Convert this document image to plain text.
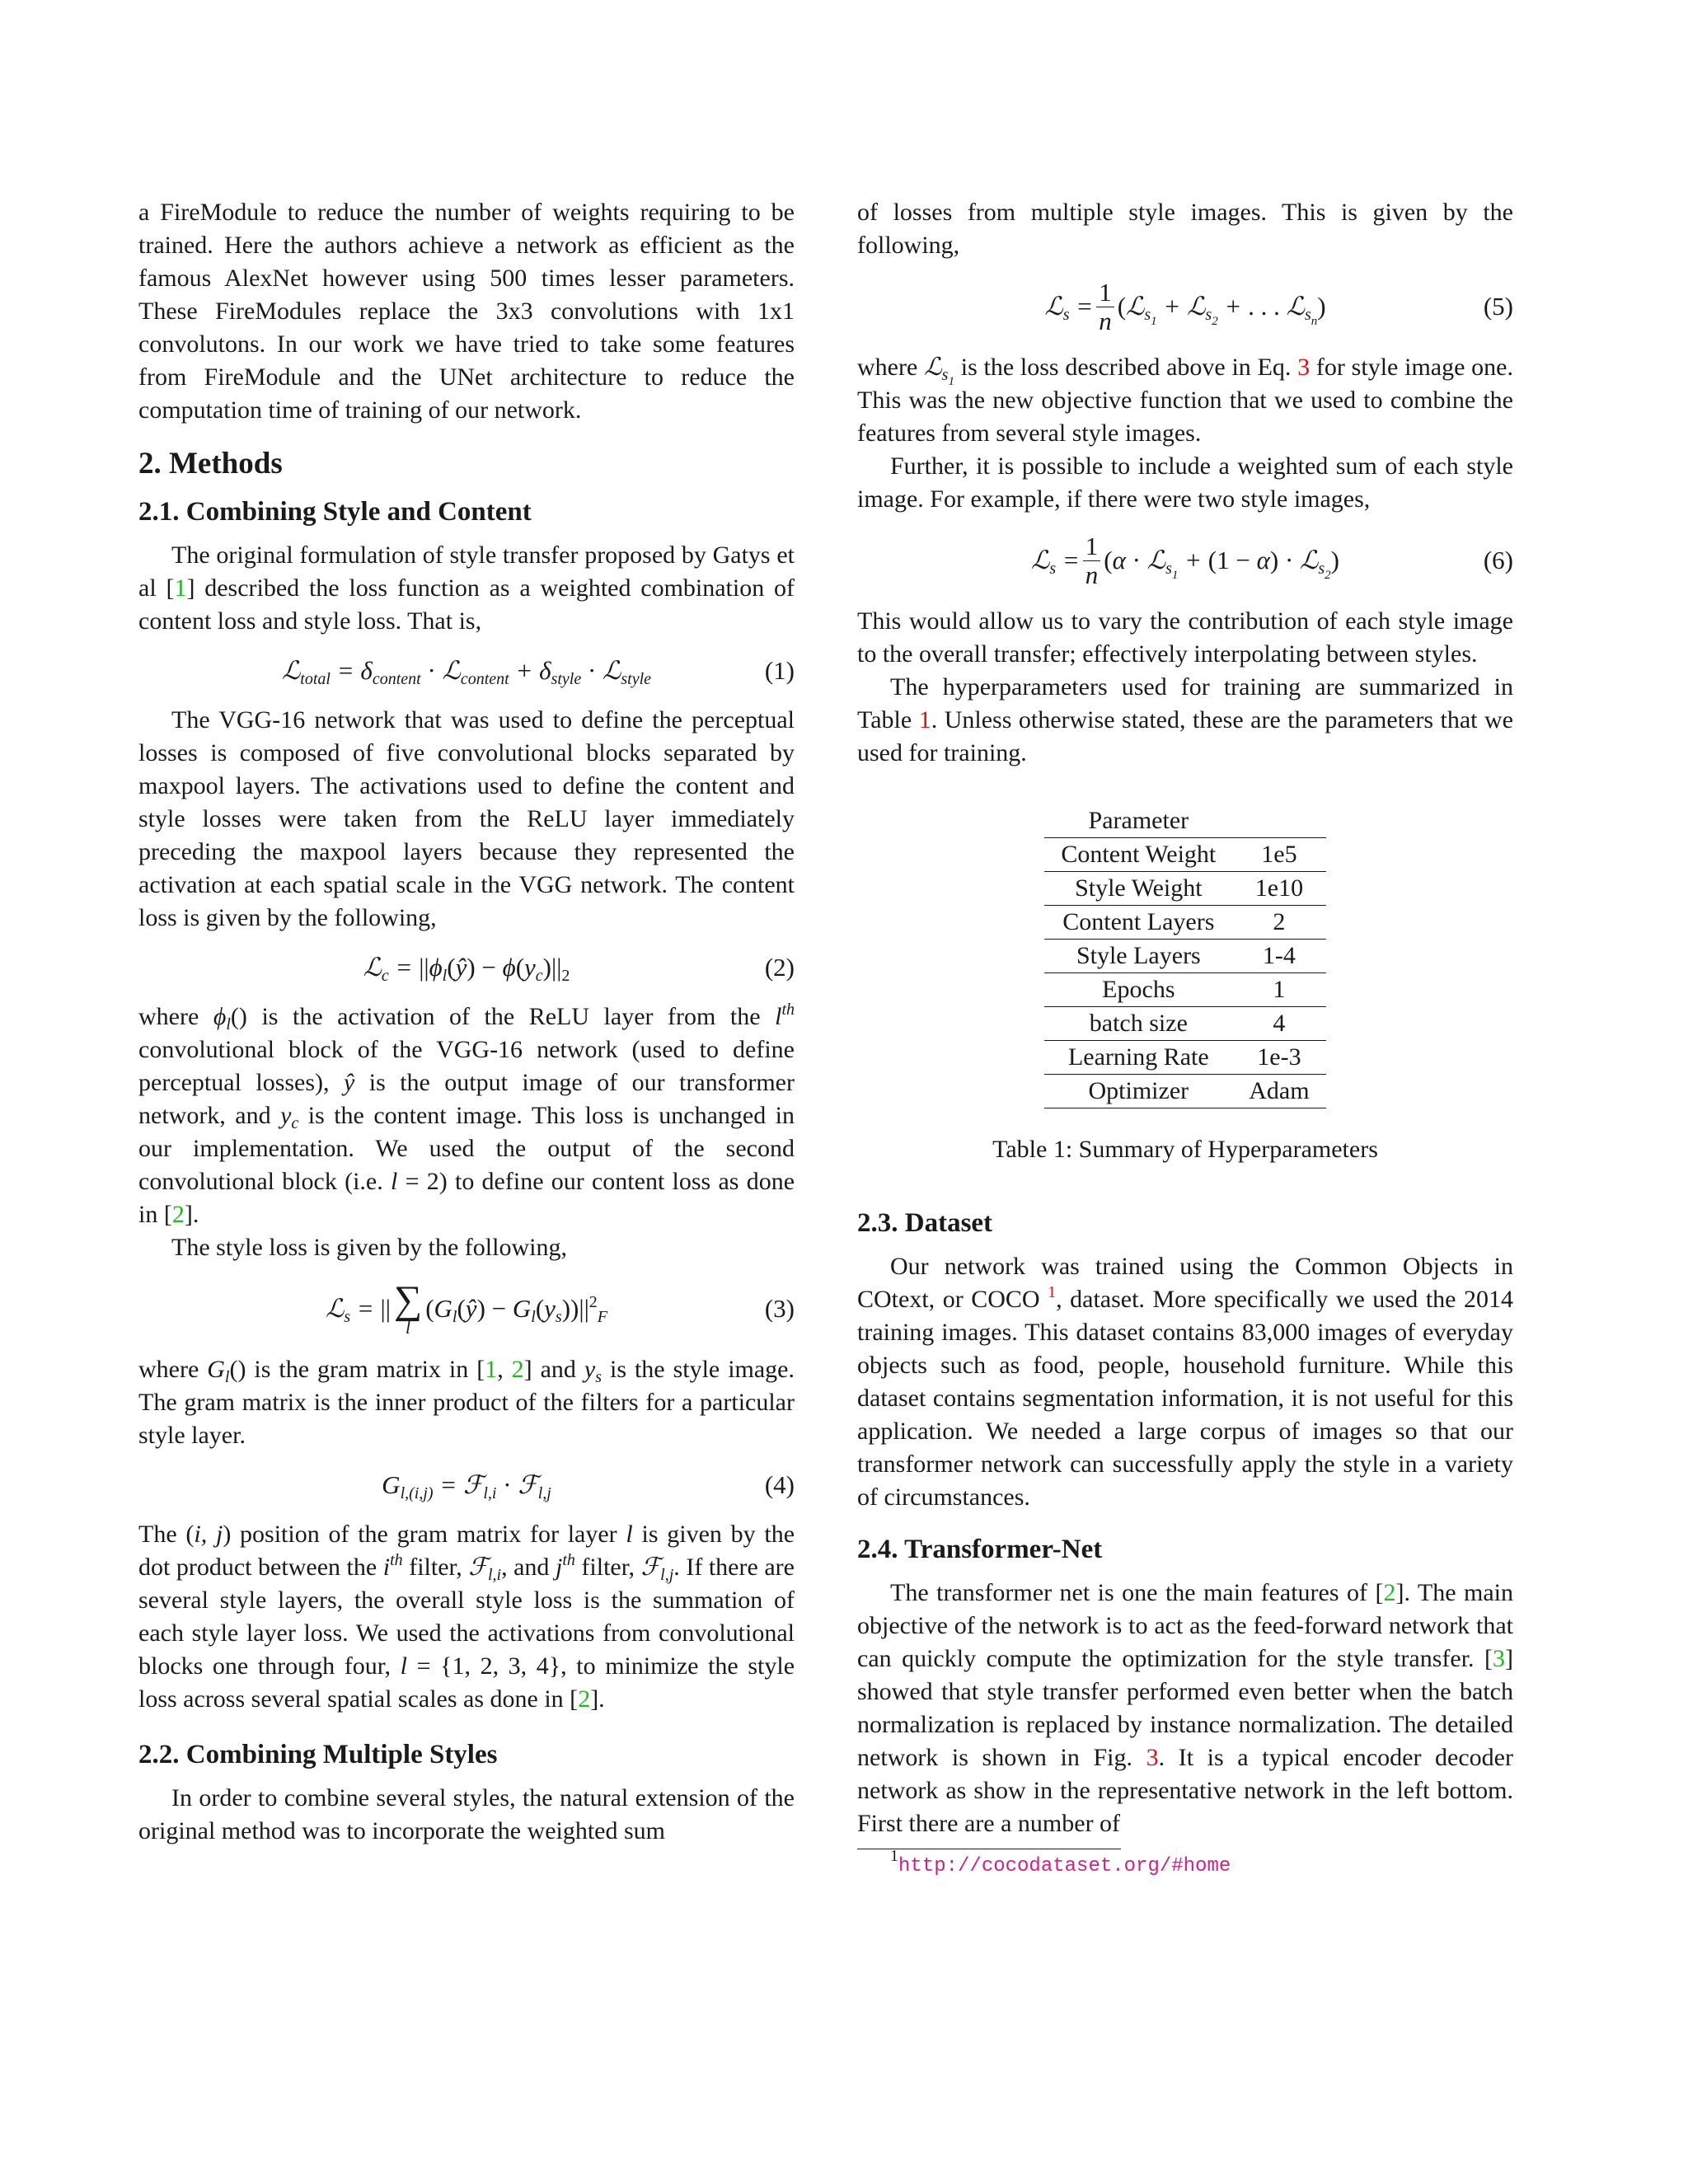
a FireModule to reduce the number of weights requiring to be trained. Here the authors achieve a network as efficient as the famous AlexNet however using 500 times lesser parameters. These FireModules replace the 3x3 convolutions with 1x1 convolutons. In our work we have tried to take some features from FireModule and the UNet architecture to reduce the computation time of training of our network.

2. Methods
2.1. Combining Style and Content

The original formulation of style transfer proposed by Gatys et al [1] described the loss function as a weighted combination of content loss and style loss. That is,

ℒ$_{total}$ = $\delta_{content}$ · ℒ$_{content}$ + $\delta_{style}$ · ℒ$_{style}$	(1)

The VGG-16 network that was used to define the perceptual losses is composed of five convolutional blocks separated by maxpool layers. The activations used to define the content and style losses were taken from the ReLU layer immediately preceding the maxpool layers because they represented the activation at each spatial scale in the VGG network. The content loss is given by the following,

ℒ$_c$ = $||\phi_l(ŷ) - \phi(y_c)||_2$	(2)

where $\phi_l()$ is the activation of the ReLU layer from the $l^{th}$ convolutional block of the VGG-16 network (used to define perceptual losses), ŷ is the output image of our transformer network, and $y_c$ is the content image. This loss is unchanged in our implementation. We used the output of the second convolutional block (i.e. l = 2) to define our content loss as done in [2].

The style loss is given by the following,

ℒ$_s$ = || ∑
l
$(G_l(ŷ) - G_l(y_s))||^2_F$	(3)

where $G_l()$ is the gram matrix in [1, 2] and $y_s$ is the style image. The gram matrix is the inner product of the filters for a particular style layer.

$G_{l,(i,j)}$ = ℱ$_{l,i}$ · ℱ$_{l,j}$	(4)

The (i, j) position of the gram matrix for layer l is given by the dot product between the $i^{th}$ filter, ℱ$_{l,i}$, and $j^{th}$ filter, ℱ$_{l,j}$. If there are several style layers, the overall style loss is the summation of each style layer loss. We used the activations from convolutional blocks one through four, l = {1, 2, 3, 4}, to minimize the style loss across several spatial scales as done in [2].

2.2. Combining Multiple Styles

In order to combine several styles, the natural extension of the original method was to incorporate the weighted sum

of losses from multiple style images. This is given by the following,

ℒ$_s$ = $\frac{1}{n}$ (ℒ$_{s_1}$ + ℒ$_{s_2}$ + . . . ℒ$_{s_n}$)	(5)

where ℒ$_{s_1}$ is the loss described above in Eq. 3 for style image one. This was the new objective function that we used to combine the features from several style images.

Further, it is possible to include a weighted sum of each style image. For example, if there were two style images,

ℒ$_s$ = $\frac{1}{n} (\alpha$ · ℒ$_{s_1}$ + (1 − α) · ℒ$_{s_2}$)	(6)

This would allow us to vary the contribution of each style image to the overall transfer; effectively interpolating between styles.

The hyperparameters used for training are summarized in Table 1. Unless otherwise stated, these are the parameters that we used for training.

Parameter	
Content Weight	1e5
Style Weight	1e10
Content Layers	2
Style Layers	1-4
Epochs	1
batch size	4
Learning Rate	1e-3
Optimizer	Adam

Table 1: Summary of Hyperparameters

2.3. Dataset

Our network was trained using the Common Objects in COtext, or COCO $^1$, dataset. More specifically we used the 2014 training images. This dataset contains 83,000 images of everyday objects such as food, people, household furniture. While this dataset contains segmentation information, it is not useful for this application. We needed a large corpus of images so that our transformer network can successfully apply the style in a variety of circumstances.

2.4. Transformer-Net

The transformer net is one the main features of [2]. The main objective of the network is to act as the feed-forward network that can quickly compute the optimization for the style transfer. [3] showed that style transfer performed even better when the batch normalization is replaced by instance normalization. The detailed network is shown in Fig. 3. It is a typical encoder decoder network as show in the representative network in the left bottom. First there are a number of

$^1$http://cocodataset.org/#home
